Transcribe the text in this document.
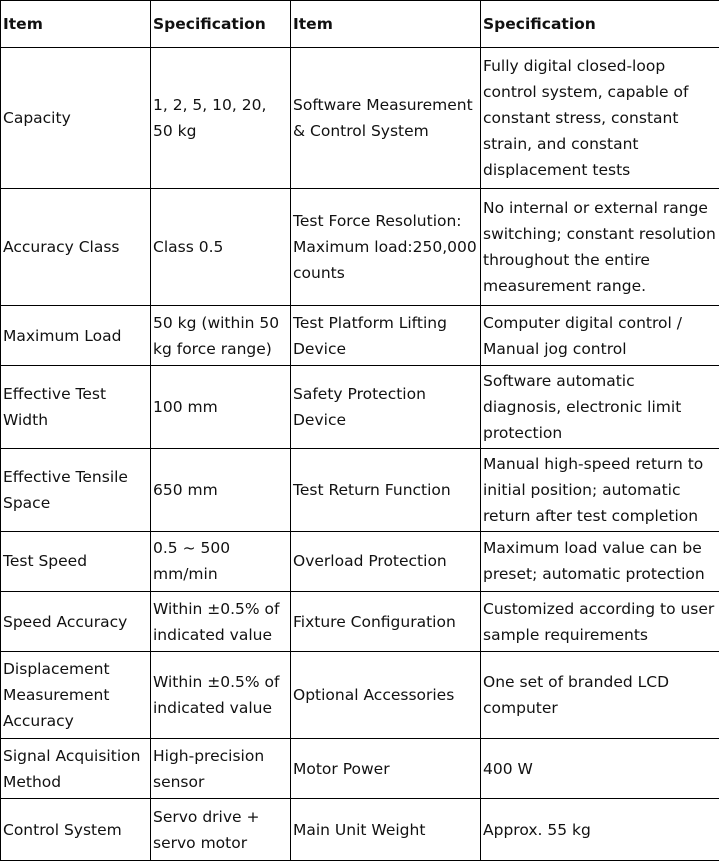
Item	Specification	Item	Specification
Capacity	1, 2, 5, 10, 20, 50 kg	Software Measurement & Control System	Fully digital closed-loop control system, capable of constant stress, constant strain, and constant displacement tests
Accuracy Class	Class 0.5	Test Force Resolution: Maximum load:250,000 counts	No internal or external range switching; constant resolution throughout the entire measurement range.
Maximum Load	50 kg (within 50 kg force range)	Test Platform Lifting Device	Computer digital control / Manual jog control
Effective Test Width	100 mm	Safety Protection Device	Software automatic diagnosis, electronic limit protection
Effective Tensile Space	650 mm	Test Return Function	Manual high-speed return to initial position; automatic return after test completion
Test Speed	0.5 ~ 500 mm/min	Overload Protection	Maximum load value can be preset; automatic protection
Speed Accuracy	Within ±0.5% of indicated value	Fixture Configuration	Customized according to user sample requirements
Displacement Measurement Accuracy	Within ±0.5% of indicated value	Optional Accessories	One set of branded LCD computer
Signal Acquisition Method	High-precision sensor	Motor Power	400 W
Control System	Servo drive + servo motor	Main Unit Weight	Approx. 55 kg
